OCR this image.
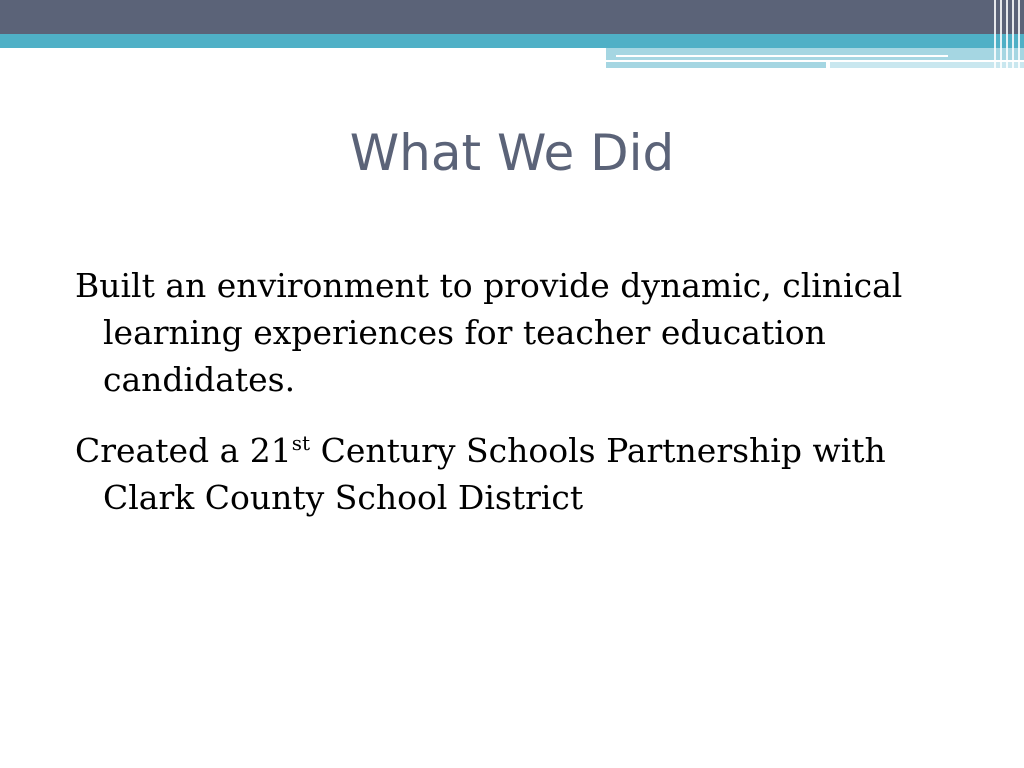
What We Did

Built an environment to provide dynamic, clinical learning experiences for teacher education candidates.

Created a 21st Century Schools Partnership with Clark County School District
